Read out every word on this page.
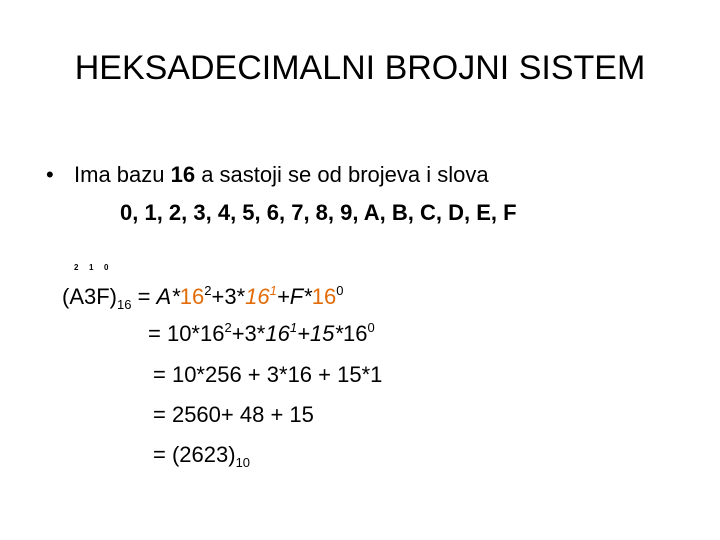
HEKSADECIMALNI BROJNI SISTEM
• Ima bazu 16 a sastoji se od brojeva i slova
0, 1, 2, 3, 4, 5, 6, 7, 8, 9, A, B, C, D, E, F
2 1 0
$(A3F)_{16} = A*16^2+3*16^1+F*16^0$
= $10*16^2+3*16^1+15*16^0$
= 10*256 + 3*16 + 15*1
= 2560+ 48 + 15
= $(2623)_{10}$
